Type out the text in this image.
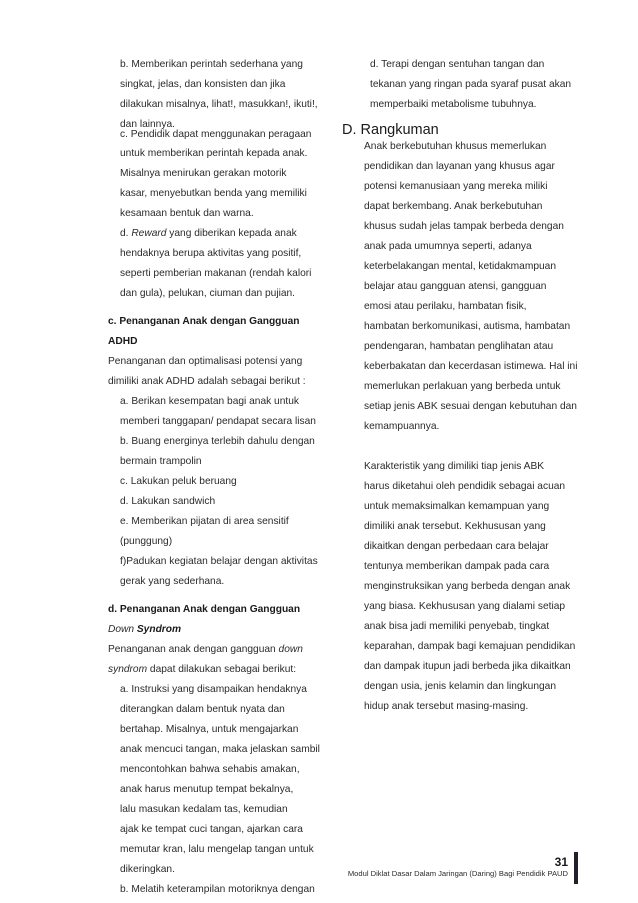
b. Memberikan perintah sederhana yang
singkat, jelas, dan konsisten dan jika
dilakukan misalnya, lihat!, masukkan!, ikuti!,
dan lainnya.
c. Pendidik dapat menggunakan peragaan
untuk memberikan perintah kepada anak.
Misalnya menirukan gerakan motorik
kasar, menyebutkan benda yang memiliki
kesamaan bentuk dan warna.
d. Reward yang diberikan kepada anak
hendaknya berupa aktivitas yang positif,
seperti pemberian makanan (rendah kalori
dan gula), pelukan, ciuman dan pujian.
c. Penanganan Anak dengan Gangguan
ADHD
Penanganan dan optimalisasi potensi yang
dimiliki anak ADHD adalah sebagai berikut :
a. Berikan kesempatan bagi anak untuk
memberi tanggapan/ pendapat secara lisan
b. Buang energinya terlebih dahulu dengan
bermain trampolin
c. Lakukan peluk beruang
d. Lakukan sandwich
e. Memberikan pijatan di area sensitif
(punggung)
f)Padukan kegiatan belajar dengan aktivitas
gerak yang sederhana.
d. Penanganan Anak dengan Gangguan
Down Syndrom
Penanganan anak dengan gangguan down
syndrom dapat dilakukan sebagai berikut:
a. Instruksi yang disampaikan hendaknya
diterangkan dalam bentuk nyata dan
bertahap. Misalnya, untuk mengajarkan
anak mencuci tangan, maka jelaskan sambil
mencontohkan bahwa sehabis amakan,
anak harus menutup tempat bekalnya,
lalu masukan kedalam tas, kemudian
ajak ke tempat cuci tangan, ajarkan cara
memutar kran, lalu mengelap tangan untuk
dikeringkan.
b. Melatih keterampilan motoriknya dengan
d. Terapi dengan sentuhan tangan dan
tekanan yang ringan pada syaraf pusat akan
memperbaiki metabolisme tubuhnya.
D. Rangkuman
Anak berkebutuhan khusus memerlukan
pendidikan dan layanan yang khusus agar
potensi kemanusiaan yang mereka miliki
dapat berkembang. Anak berkebutuhan
khusus sudah jelas tampak berbeda dengan
anak pada umumnya seperti, adanya
keterbelakangan mental, ketidakmampuan
belajar atau gangguan atensi, gangguan
emosi atau perilaku, hambatan fisik,
hambatan berkomunikasi, autisma, hambatan
pendengaran, hambatan penglihatan atau
keberbakatan dan kecerdasan istimewa. Hal ini
memerlukan perlakuan yang berbeda untuk
setiap jenis ABK sesuai dengan kebutuhan dan
kemampuannya.
Karakteristik yang dimiliki tiap jenis ABK
harus diketahui oleh pendidik sebagai acuan
untuk memaksimalkan kemampuan yang
dimiliki anak tersebut. Kekhususan yang
dikaitkan dengan perbedaan cara belajar
tentunya memberikan dampak pada cara
menginstruksikan yang berbeda dengan anak
yang biasa. Kekhususan yang dialami setiap
anak bisa jadi memiliki penyebab, tingkat
keparahan, dampak bagi kemajuan pendidikan
dan dampak itupun jadi berbeda jika dikaitkan
dengan usia, jenis kelamin dan lingkungan
hidup anak tersebut masing-masing.
31
Modul Diklat Dasar Dalam Jaringan (Daring) Bagi Pendidik PAUD
